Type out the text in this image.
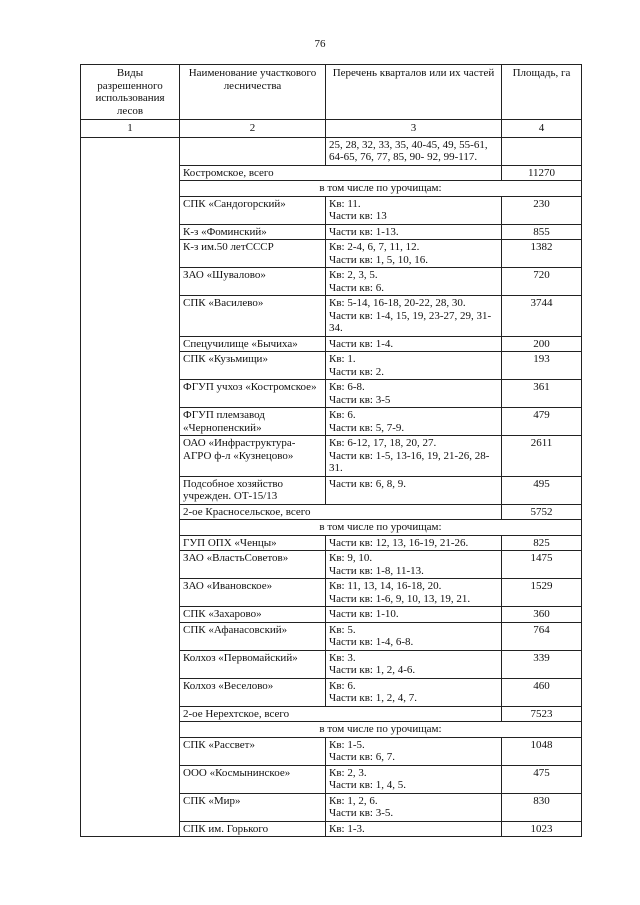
76
Виды разрешенного использования лесов	Наименование участкового лесничества	Перечень кварталов или их частей	Площадь, га
1	2	3	4
		25, 28, 32, 33, 35, 40-45, 49, 55-61, 64-65, 76, 77, 85, 90- 92, 99-117.	
	Костромское, всего		11270
	в том числе по урочищам:		
	СПК «Сандогорский»	Кв: 11.
Части кв: 13	230
	К-з «Фоминский»	Части кв: 1-13.	855
	К-з им.50 летСССР	Кв: 2-4, 6, 7, 11, 12.
Части кв: 1, 5, 10, 16.	1382
	ЗАО «Шувалово»	Кв: 2, 3, 5.
Части кв: 6.	720
	СПК «Василево»	Кв: 5-14, 16-18, 20-22, 28, 30.
Части кв: 1-4, 15, 19, 23-27, 29, 31-34.	3744
	Спецучилище «Бычиха»	Части кв: 1-4.	200
	СПК «Кузьмищи»	Кв: 1.
Части кв: 2.	193
	ФГУП учхоз «Костромское»	Кв: 6-8.
Части кв: 3-5	361
	ФГУП племзавод «Чернопенский»	Кв: 6.
Части кв: 5, 7-9.	479
	ОАО «Инфраструктура-АГРО ф-л «Кузнецово»	Кв: 6-12, 17, 18, 20, 27.
Части кв: 1-5, 13-16, 19, 21-26, 28-31.	2611
	Подсобное хозяйство учрежден. ОТ-15/13	Части кв: 6, 8, 9.	495
	2-ое Красносельское, всего		5752
	в том числе по урочищам:		
	ГУП ОПХ «Ченцы»	Части кв: 12, 13, 16-19, 21-26.	825
	ЗАО «ВластьСоветов»	Кв: 9, 10.
Части кв: 1-8, 11-13.	1475
	ЗАО «Ивановское»	Кв: 11, 13, 14, 16-18, 20.
Части кв: 1-6, 9, 10, 13, 19, 21.	1529
	СПК «Захарово»	Части кв: 1-10.	360
	СПК «Афанасовский»	Кв: 5.
Части кв: 1-4, 6-8.	764
	Колхоз «Первомайский»	Кв: 3.
Части кв: 1, 2, 4-6.	339
	Колхоз «Веселово»	Кв: 6.
Части кв: 1, 2, 4, 7.	460
	2-ое Нерехтское, всего		7523
	в том числе по урочищам:		
	СПК «Рассвет»	Кв: 1-5.
Части кв: 6, 7.	1048
	ООО «Космынинское»	Кв: 2, 3.
Части кв: 1, 4, 5.	475
	СПК «Мир»	Кв: 1, 2, 6.
Части кв: 3-5.	830
	СПК им. Горького	Кв: 1-3.	1023
